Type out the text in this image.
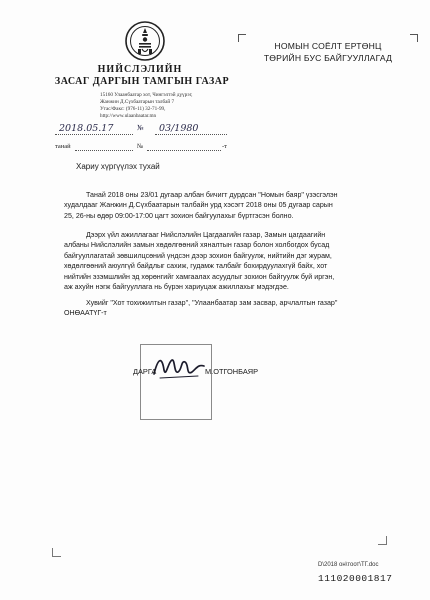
НИЙСЛЭЛИЙН
ЗАСАГ ДАРГЫН ТАМГЫН ГАЗАР
15160 Улаанбаатар хот, Чингэлтэй дүүрэг,
Жанжин Д.Сүхбаатарын талбай 7
Утас/Факс: (976-11) 32-71-99,
http://www.ulaanbaatar.mn
2018.05.17	№ 03/1980
танай	№	-т
Хариу хүргүүлэх тухай
НОМЫН СОЁЛТ ЕРТӨНЦ
ТӨРИЙН БУС БАЙГУУЛЛАГАД
Танай 2018 оны 23/01 дугаар албан бичигт дурдсан "Номын баяр" үзэсгэлэн
худалдааг Жанжин Д.Сүхбаатарын талбайн урд хэсэгт 2018 оны 05 дугаар сарын
25, 26-ны өдөр 09:00-17:00 цагт зохион байгуулахыг бүртгэсэн болно.
Дээрх үйл ажиллагааг Нийслэлийн Цагдаагийн газар, Замын цагдаагийн
албаны Нийслэлийн замын хөдөлгөөний хяналтын газар болон холбогдох бусад
байгууллагатай зөвшилцсөний үндсэн дээр зохион байгуулж, нийтийн дэг журам,
хөдөлгөөний аюулгүй байдлыг сахиж, гудамж талбайг бохирдуулахгүй байх, хот
нийтийн эзэмшлийн эд хөрөнгийг хамгаалах асуудлыг зохион байгуулж буй иргэн,
аж ахуйн нэгж байгууллага нь бүрэн хариуцаж ажиллахыг мэдэгдэе.
Хувийг "Хот тохижилтын газар", "Улаанбаатар зам засвар, арчлалтын газар"
ОНӨААТҮГ-т
ДАРГА	М.ОТГОНБАЯР
D\2018 он\тоот\ТГ.doc
111020001817
